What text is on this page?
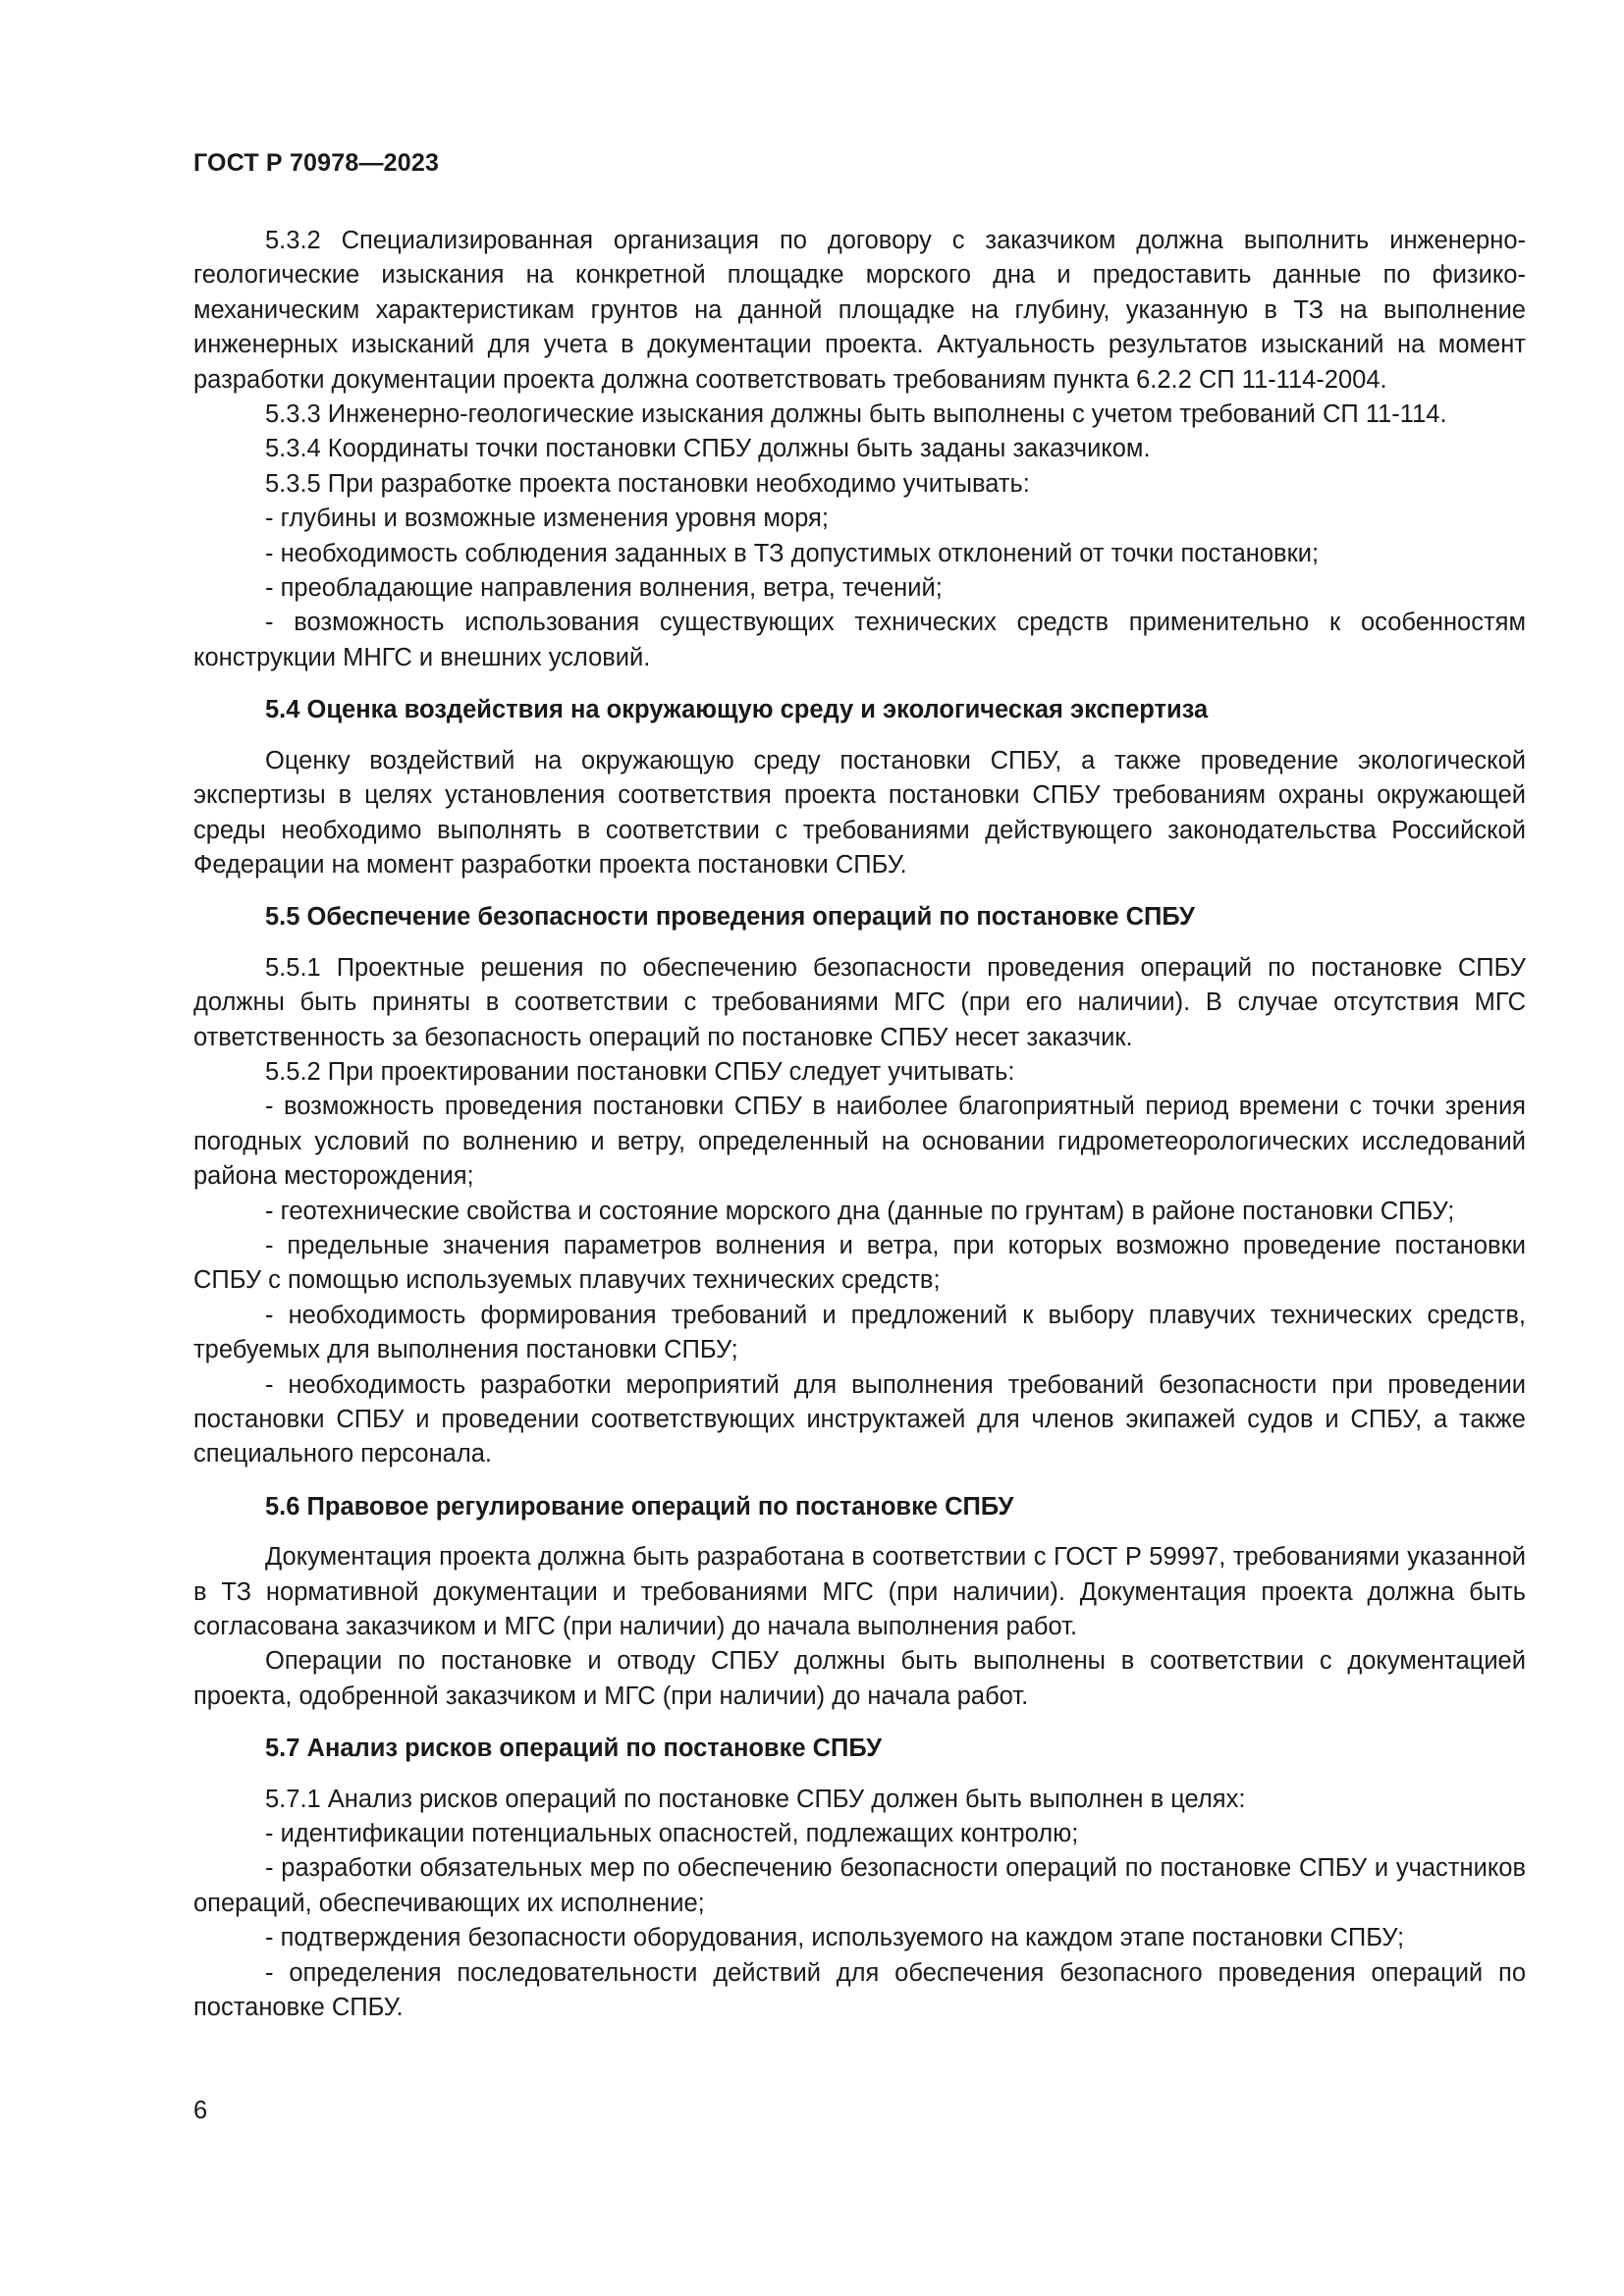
ГОСТ Р 70978—2023

5.3.2 Специализированная организация по договору с заказчиком должна выполнить инженерно-геологические изыскания на конкретной площадке морского дна и предоставить данные по физико-механическим характеристикам грунтов на данной площадке на глубину, указанную в ТЗ на выполнение инженерных изысканий для учета в документации проекта. Актуальность результатов изысканий на момент разработки документации проекта должна соответствовать требованиям пункта 6.2.2 СП 11-114-2004.

5.3.3 Инженерно-геологические изыскания должны быть выполнены с учетом требований СП 11-114.

5.3.4 Координаты точки постановки СПБУ должны быть заданы заказчиком.

5.3.5 При разработке проекта постановки необходимо учитывать:

- глубины и возможные изменения уровня моря;

- необходимость соблюдения заданных в ТЗ допустимых отклонений от точки постановки;

- преобладающие направления волнения, ветра, течений;

- возможность использования существующих технических средств применительно к особенностям конструкции МНГС и внешних условий.

5.4 Оценка воздействия на окружающую среду и экологическая экспертиза

Оценку воздействий на окружающую среду постановки СПБУ, а также проведение экологической экспертизы в целях установления соответствия проекта постановки СПБУ требованиям охраны окружающей среды необходимо выполнять в соответствии с требованиями действующего законодательства Российской Федерации на момент разработки проекта постановки СПБУ.

5.5 Обеспечение безопасности проведения операций по постановке СПБУ

5.5.1 Проектные решения по обеспечению безопасности проведения операций по постановке СПБУ должны быть приняты в соответствии с требованиями МГС (при его наличии). В случае отсутствия МГС ответственность за безопасность операций по постановке СПБУ несет заказчик.

5.5.2 При проектировании постановки СПБУ следует учитывать:

- возможность проведения постановки СПБУ в наиболее благоприятный период времени с точки зрения погодных условий по волнению и ветру, определенный на основании гидрометеорологических исследований района месторождения;

- геотехнические свойства и состояние морского дна (данные по грунтам) в районе постановки СПБУ;

- предельные значения параметров волнения и ветра, при которых возможно проведение постановки СПБУ с помощью используемых плавучих технических средств;

- необходимость формирования требований и предложений к выбору плавучих технических средств, требуемых для выполнения постановки СПБУ;

- необходимость разработки мероприятий для выполнения требований безопасности при проведении постановки СПБУ и проведении соответствующих инструктажей для членов экипажей судов и СПБУ, а также специального персонала.

5.6 Правовое регулирование операций по постановке СПБУ

Документация проекта должна быть разработана в соответствии с ГОСТ Р 59997, требованиями указанной в ТЗ нормативной документации и требованиями МГС (при наличии). Документация проекта должна быть согласована заказчиком и МГС (при наличии) до начала выполнения работ.

Операции по постановке и отводу СПБУ должны быть выполнены в соответствии с документацией проекта, одобренной заказчиком и МГС (при наличии) до начала работ.

5.7 Анализ рисков операций по постановке СПБУ

5.7.1 Анализ рисков операций по постановке СПБУ должен быть выполнен в целях:

- идентификации потенциальных опасностей, подлежащих контролю;

- разработки обязательных мер по обеспечению безопасности операций по постановке СПБУ и участников операций, обеспечивающих их исполнение;

- подтверждения безопасности оборудования, используемого на каждом этапе постановки СПБУ;

- определения последовательности действий для обеспечения безопасного проведения операций по постановке СПБУ.

6
